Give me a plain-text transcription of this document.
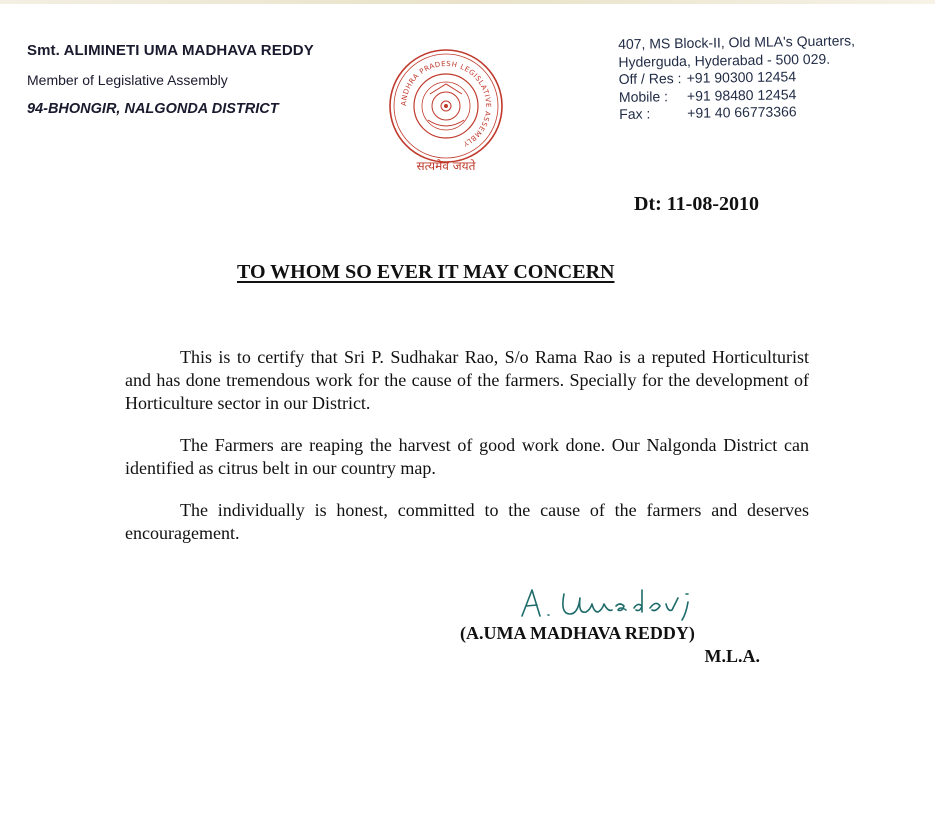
Smt. ALIMINETI UMA MADHAVA REDDY
Member of Legislative Assembly
94-BHONGIR, NALGONDA DISTRICT	ANDHRA PRADESH LEGISLATIVE ASSEMBLY
सत्यमेव जयते
407, MS Block-II, Old MLA's Quarters,
Hyderguda, Hyderabad - 500 029.
Off / Res : +91 90300 12454
Mobile :	+91 98480 12454
Fax :	+91 40 66773366
Dt: 11-08-2010
TO WHOM SO EVER IT MAY CONCERN

This is to certify that Sri P. Sudhakar Rao, S/o Rama Rao is a reputed Horticulturist and has done tremendous work for the cause of the farmers. Specially for the development of Horticulture sector in our District.

The Farmers are reaping the harvest of good work done. Our Nalgonda District can identified as citrus belt in our country map.

The individually is honest, committed to the cause of the farmers and deserves encouragement.

(A.UMA MADHAVA REDDY)
M.L.A.
